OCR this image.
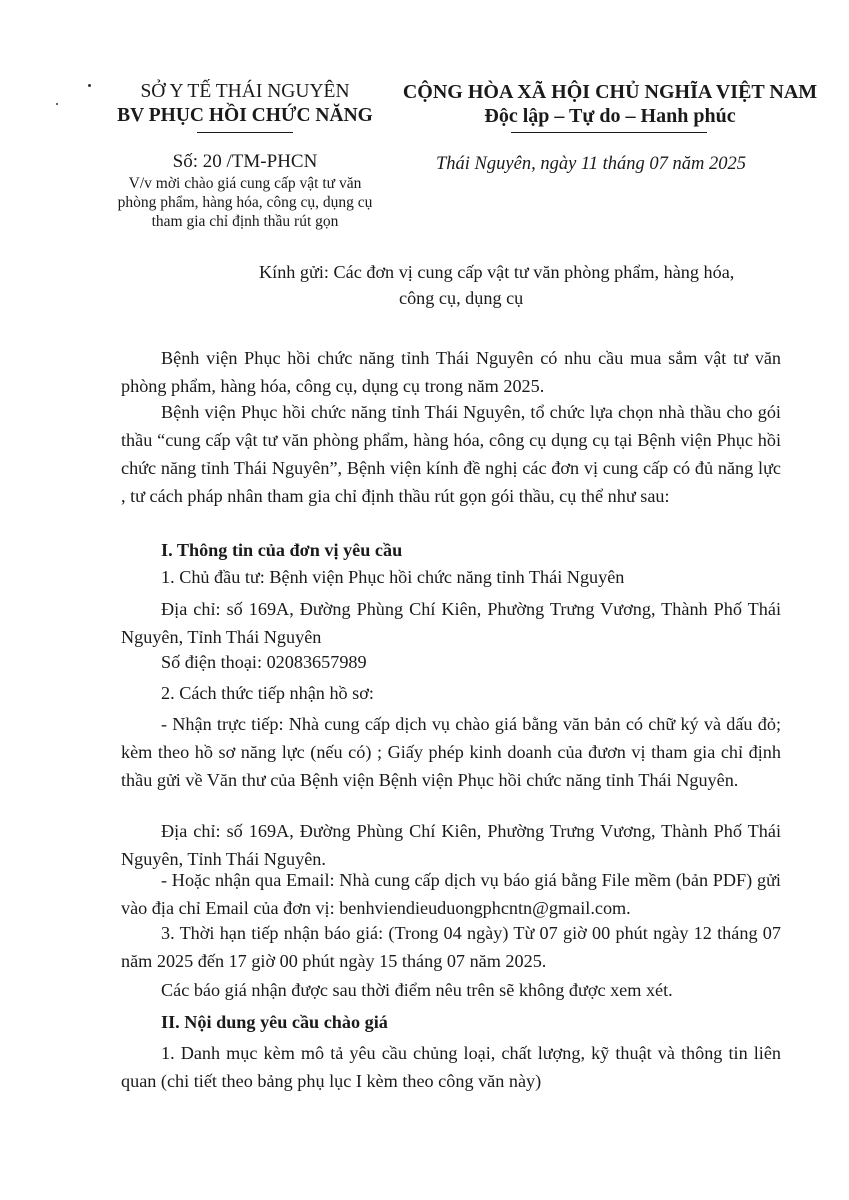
SỞ Y TẾ THÁI NGUYÊN
BV PHỤC HỒI CHỨC NĂNG
CỘNG HÒA XÃ HỘI CHỦ NGHĨA VIỆT NAM
Độc lập – Tự do – Hanh phúc
Số: 20 /TM-PHCN
V/v mời chào giá cung cấp vật tư văn
phòng phẩm, hàng hóa, công cụ, dụng cụ
tham gia chỉ định thầu rút gọn
Thái Nguyên, ngày 11 tháng 07 năm 2025
Kính gửi: Các đơn vị cung cấp vật tư văn phòng phẩm, hàng hóa,
công cụ, dụng cụ
Bệnh viện Phục hồi chức năng tỉnh Thái Nguyên có nhu cầu mua sắm vật tư văn phòng phẩm, hàng hóa, công cụ, dụng cụ trong năm 2025.
Bệnh viện Phục hồi chức năng tỉnh Thái Nguyên, tổ chức lựa chọn nhà thầu cho gói thầu “cung cấp vật tư văn phòng phẩm, hàng hóa, công cụ dụng cụ tại Bệnh viện Phục hồi chức năng tỉnh Thái Nguyên”, Bệnh viện kính đề nghị các đơn vị cung cấp có đủ năng lực , tư cách pháp nhân tham gia chỉ định thầu rút gọn gói thầu, cụ thể như sau:
I. Thông tin của đơn vị yêu cầu
1. Chủ đầu tư: Bệnh viện Phục hồi chức năng tỉnh Thái Nguyên
Địa chỉ: số 169A, Đường Phùng Chí Kiên, Phường Trưng Vương, Thành Phố Thái Nguyên, Tỉnh Thái Nguyên
Số điện thoại: 02083657989
2. Cách thức tiếp nhận hồ sơ:
- Nhận trực tiếp: Nhà cung cấp dịch vụ chào giá bằng văn bản có chữ ký và dấu đỏ; kèm theo hồ sơ năng lực (nếu có) ; Giấy phép kinh doanh của đươn vị tham gia chỉ định thầu gửi về Văn thư của Bệnh viện Bệnh viện Phục hồi chức năng tỉnh Thái Nguyên.
Địa chỉ: số 169A, Đường Phùng Chí Kiên, Phường Trưng Vương, Thành Phố Thái Nguyên, Tỉnh Thái Nguyên.
- Hoặc nhận qua Email: Nhà cung cấp dịch vụ báo giá bằng File mềm (bản PDF) gửi vào địa chỉ Email của đơn vị: benhviendieuduongphcntn@gmail.com.
3. Thời hạn tiếp nhận báo giá: (Trong 04 ngày) Từ 07 giờ 00 phút ngày 12 tháng 07 năm 2025 đến 17 giờ 00 phút ngày 15 tháng 07 năm 2025.
Các báo giá nhận được sau thời điểm nêu trên sẽ không được xem xét.
II. Nội dung yêu cầu chào giá
1. Danh mục kèm mô tả yêu cầu chủng loại, chất lượng, kỹ thuật và thông tin liên quan (chi tiết theo bảng phụ lục I kèm theo công văn này)
